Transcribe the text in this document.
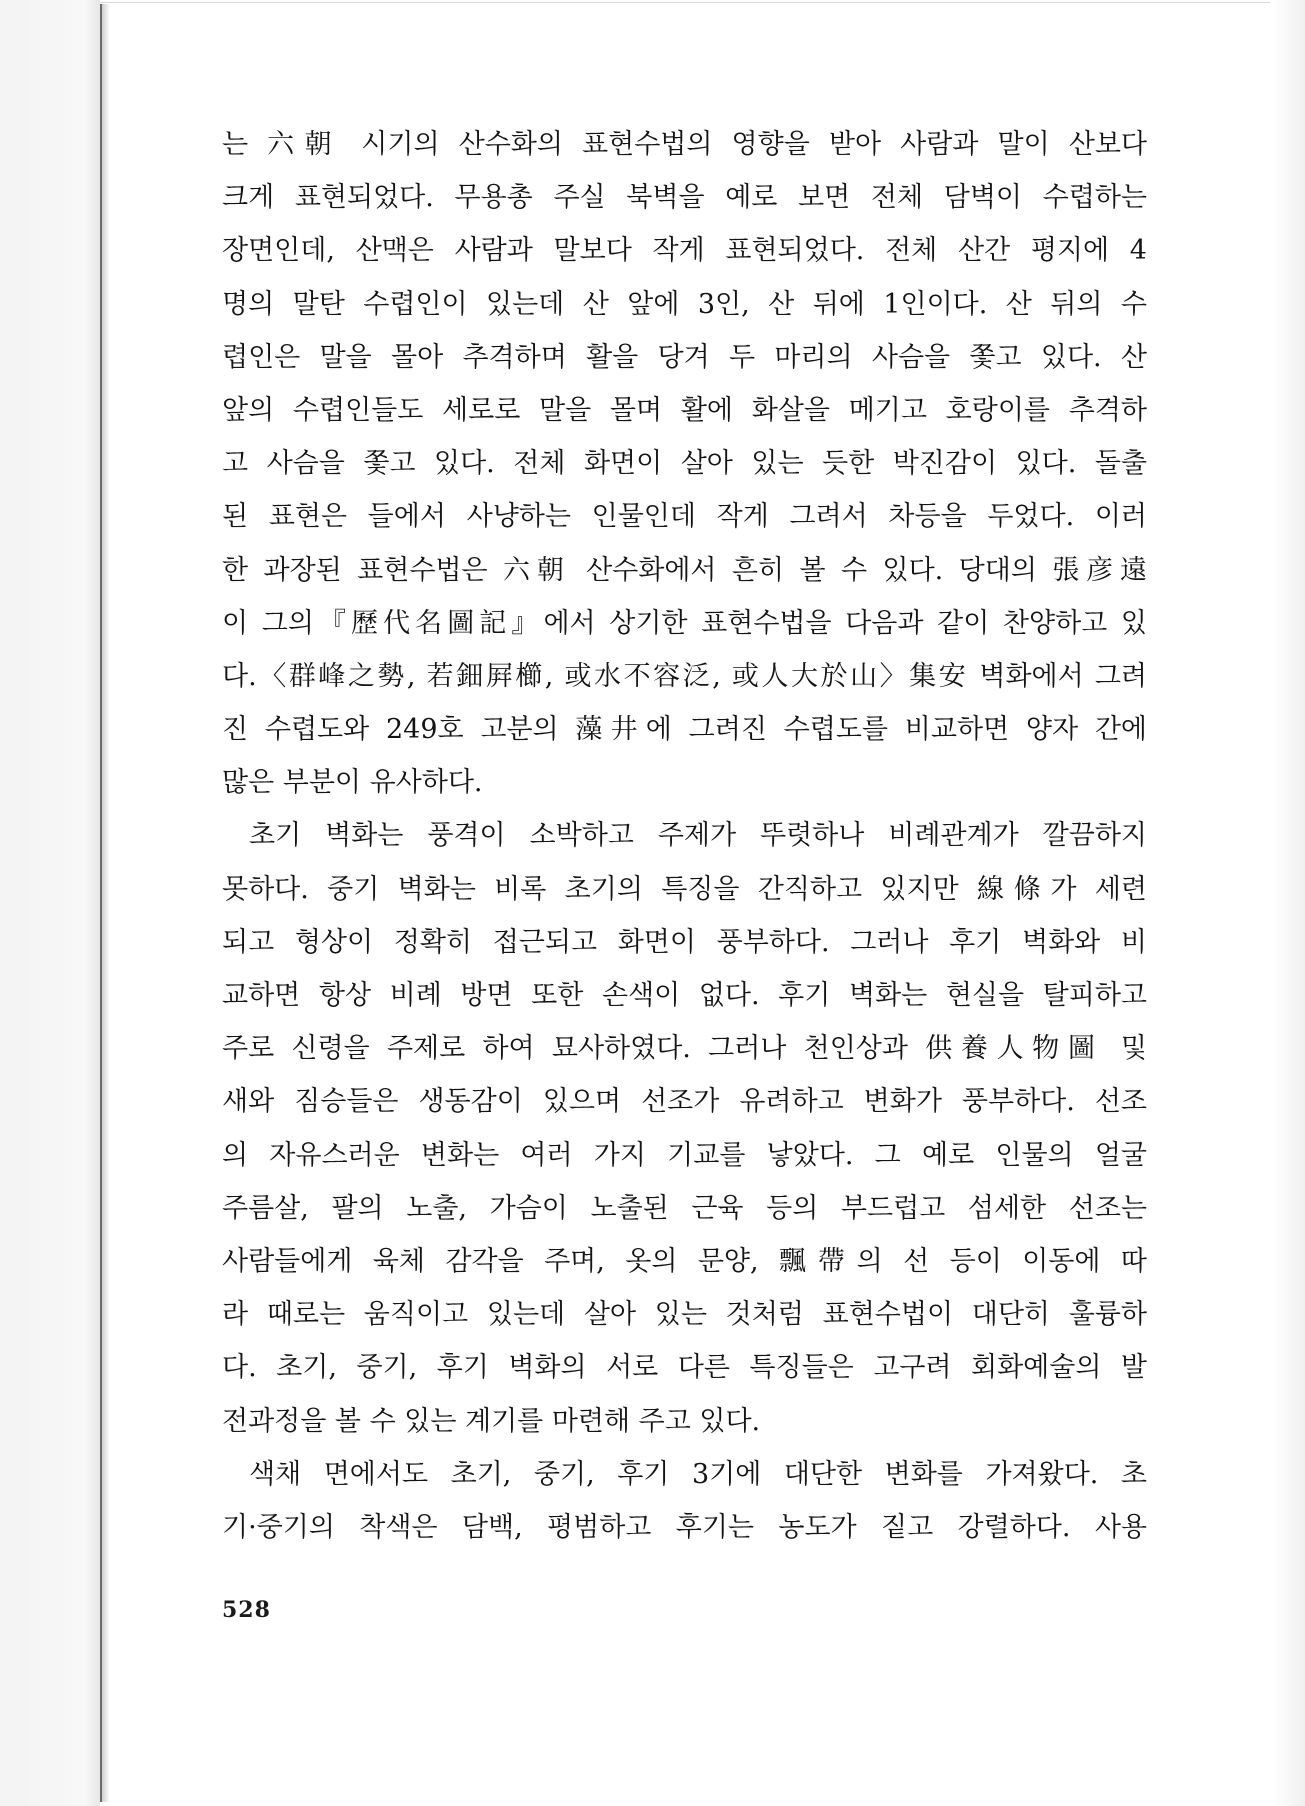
는 六朝 시기의 산수화의 표현수법의 영향을 받아 사람과 말이 산보다
크게 표현되었다. 무용총 주실 북벽을 예로 보면 전체 담벽이 수렵하는
장면인데, 산맥은 사람과 말보다 작게 표현되었다. 전체 산간 평지에 4
명의 말탄 수렵인이 있는데 산 앞에 3인, 산 뒤에 1인이다. 산 뒤의 수
렵인은 말을 몰아 추격하며 활을 당겨 두 마리의 사슴을 쫓고 있다. 산
앞의 수렵인들도 세로로 말을 몰며 활에 화살을 메기고 호랑이를 추격하
고 사슴을 쫓고 있다. 전체 화면이 살아 있는 듯한 박진감이 있다. 돌출
된 표현은 들에서 사냥하는 인물인데 작게 그려서 차등을 두었다. 이러
한 과장된 표현수법은 六朝 산수화에서 흔히 볼 수 있다. 당대의 張彦遠
이 그의『歷代名圖記』에서 상기한 표현수법을 다음과 같이 찬양하고 있
다.〈群峰之勢, 若鈿屛櫛, 或水不容泛, 或人大於山〉集安 벽화에서 그려
진 수렵도와 249호 고분의 藻井에 그려진 수렵도를 비교하면 양자 간에
많은 부분이 유사하다.
초기 벽화는 풍격이 소박하고 주제가 뚜렷하나 비례관계가 깔끔하지
못하다. 중기 벽화는 비록 초기의 특징을 간직하고 있지만 線條가 세련
되고 형상이 정확히 접근되고 화면이 풍부하다. 그러나 후기 벽화와 비
교하면 항상 비례 방면 또한 손색이 없다. 후기 벽화는 현실을 탈피하고
주로 신령을 주제로 하여 묘사하였다. 그러나 천인상과 供養人物圖 및
새와 짐승들은 생동감이 있으며 선조가 유려하고 변화가 풍부하다. 선조
의 자유스러운 변화는 여러 가지 기교를 낳았다. 그 예로 인물의 얼굴
주름살, 팔의 노출, 가슴이 노출된 근육 등의 부드럽고 섬세한 선조는
사람들에게 육체 감각을 주며, 옷의 문양, 飄帶의 선 등이 이동에 따
라 때로는 움직이고 있는데 살아 있는 것처럼 표현수법이 대단히 훌륭하
다. 초기, 중기, 후기 벽화의 서로 다른 특징들은 고구려 회화예술의 발
전과정을 볼 수 있는 계기를 마련해 주고 있다.
색채 면에서도 초기, 중기, 후기 3기에 대단한 변화를 가져왔다. 초
기·중기의 착색은 담백, 평범하고 후기는 농도가 짙고 강렬하다. 사용
528
